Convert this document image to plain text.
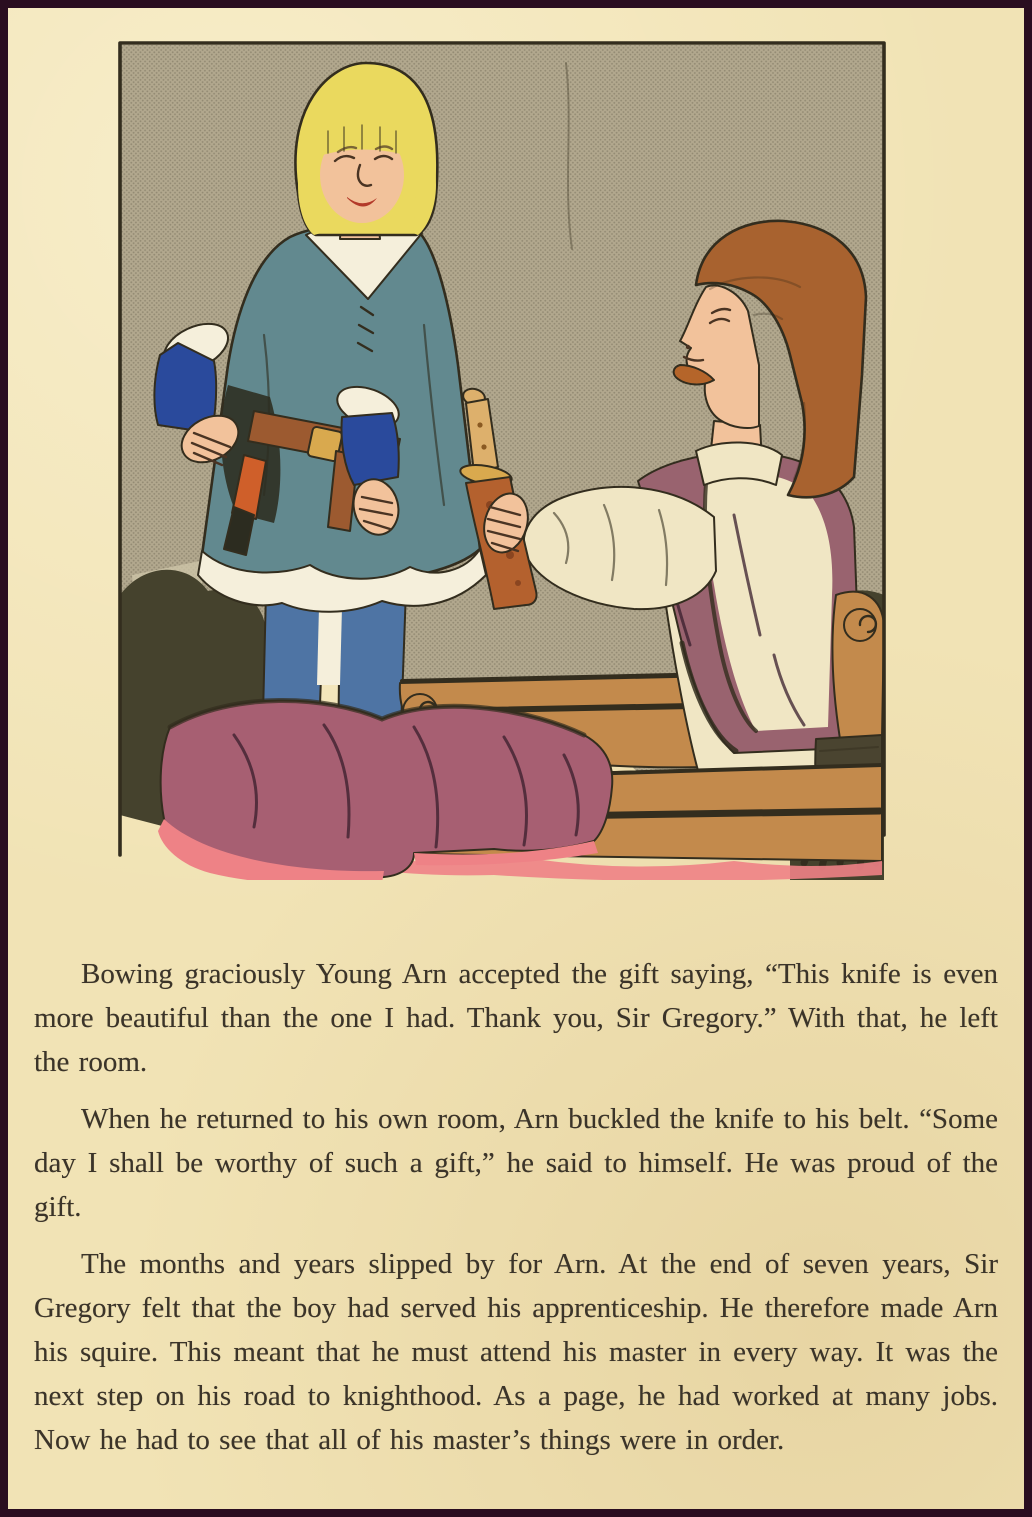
Bowing graciously Young Arn accepted the gift saying, “This knife is even more beautiful than the one I had. Thank you, Sir Gregory.” With that, he left the room.

When he returned to his own room, Arn buckled the knife to his belt. “Some day I shall be worthy of such a gift,” he said to himself. He was proud of the gift.

The months and years slipped by for Arn. At the end of seven years, Sir Gregory felt that the boy had served his apprenticeship. He therefore made Arn his squire. This meant that he must attend his master in every way. It was the next step on his road to knighthood. As a page, he had worked at many jobs. Now he had to see that all of his master’s things were in order.
